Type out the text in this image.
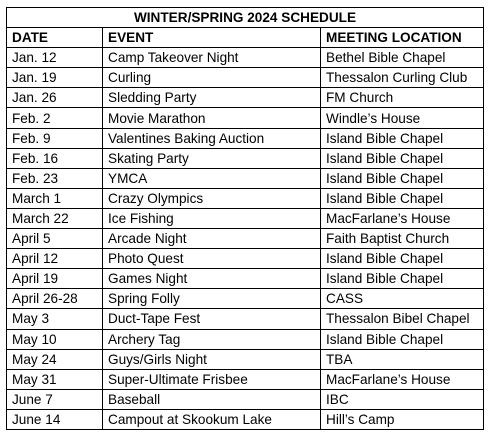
WINTER/SPRING 2024 SCHEDULE		
DATE	EVENT	MEETING LOCATION
Jan. 12	Camp Takeover Night	Bethel Bible Chapel
Jan. 19	Curling	Thessalon Curling Club
Jan. 26	Sledding Party	FM Church
Feb. 2	Movie Marathon	Windle’s House
Feb. 9	Valentines Baking Auction	Island Bible Chapel
Feb. 16	Skating Party	Island Bible Chapel
Feb. 23	YMCA	Island Bible Chapel
March 1	Crazy Olympics	Island Bible Chapel
March 22	Ice Fishing	MacFarlane’s House
April 5	Arcade Night	Faith Baptist Church
April 12	Photo Quest	Island Bible Chapel
April 19	Games Night	Island Bible Chapel
April 26-28	Spring Folly	CASS
May 3	Duct-Tape Fest	Thessalon Bibel Chapel
May 10	Archery Tag	Island Bible Chapel
May 24	Guys/Girls Night	TBA
May 31	Super-Ultimate Frisbee	MacFarlane’s House
June 7	Baseball	IBC
June 14	Campout at Skookum Lake	Hill’s Camp
